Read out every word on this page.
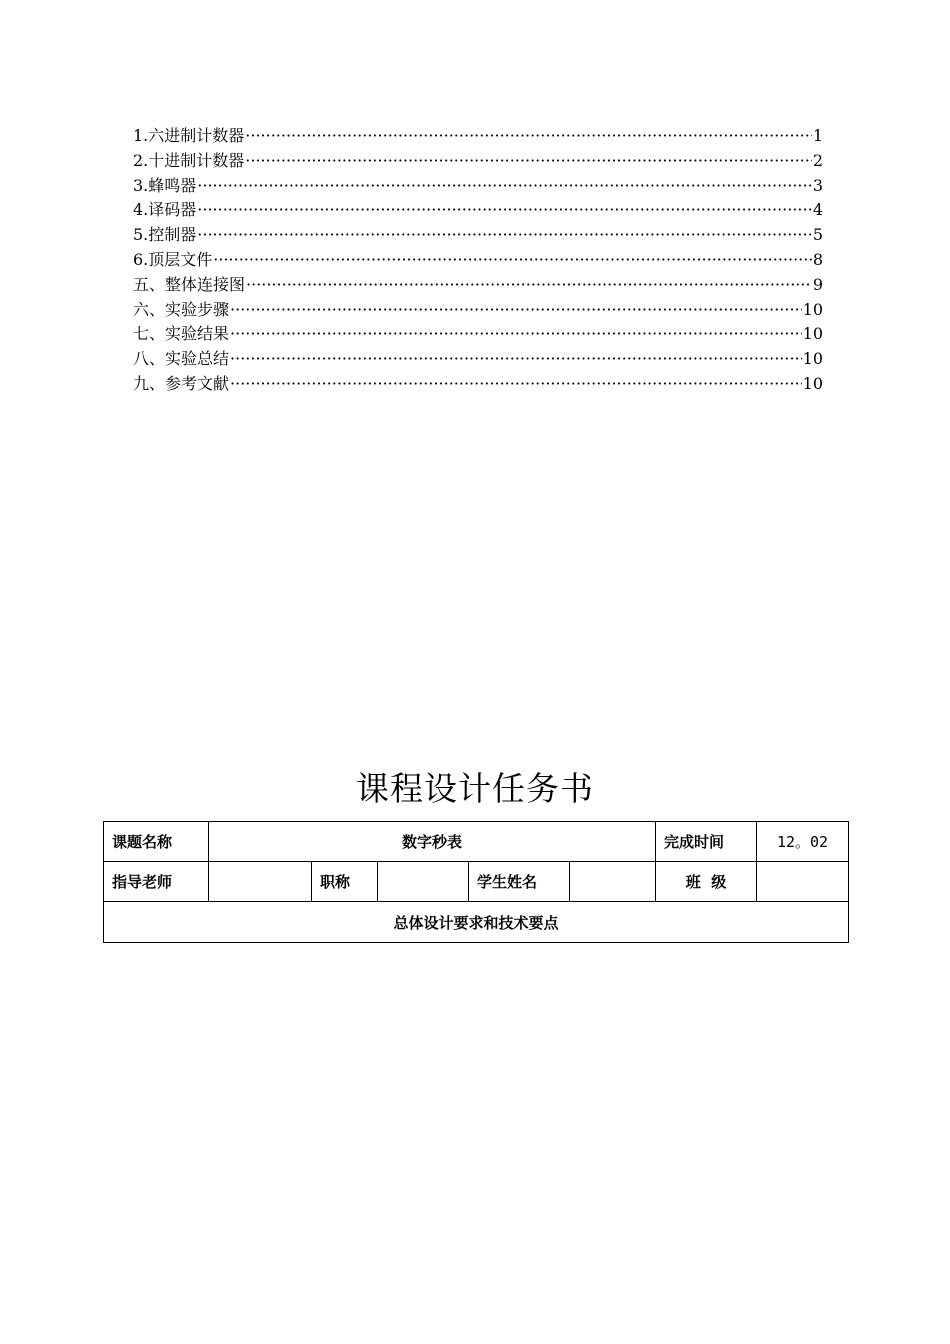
1.六进制计数器 ·····	1
2.十进制计数器 ·····	2
3.蜂鸣器 ·····	3
4.译码器 ·····	4
5.控制器 ·····	5
6.顶层文件 ·····	8
五、整体连接图 ·····	9
六、实验步骤 ·····	10
七、实验结果 ·····	10
八、实验总结 ·····	10
九、参考文献 ·····	10
课程设计任务书
课题名称	数字秒表					完成时间	12。02
指导老师		职称		学生姓名		班  级	
总体设计要求和技术要点							
